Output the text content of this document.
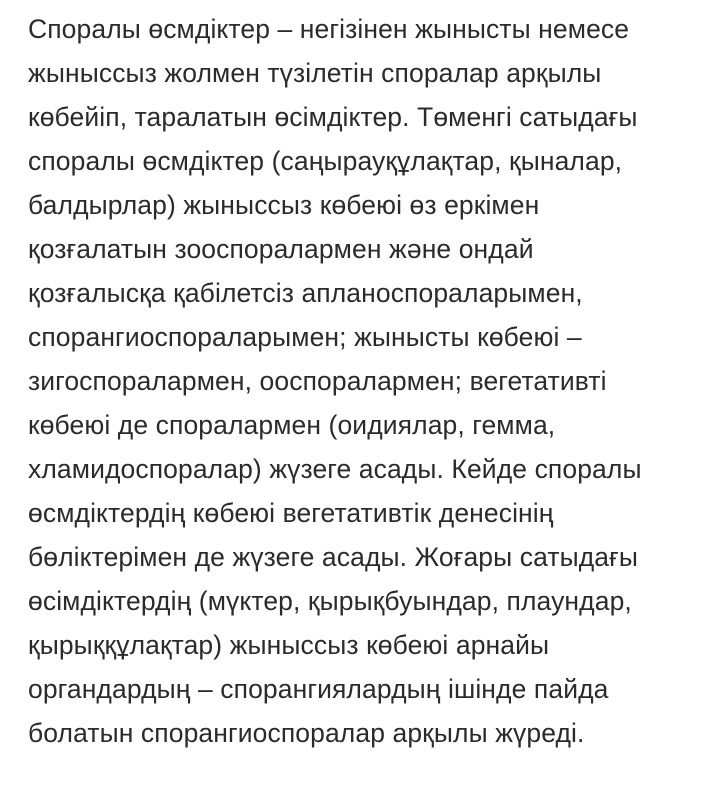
Споралы өсмдіктер – негізінен жынысты немесе
жыныссыз жолмен түзілетін споралар арқылы
көбейіп, таралатын өсімдіктер. Төменгі сатыдағы
споралы өсмдіктер (саңырауқұлақтар, қыналар,
балдырлар) жыныссыз көбеюі өз еркімен
қозғалатын зооспоралармен және ондай
қозғалысқа қабілетсіз апланоспораларымен,
спорангиоспораларымен; жынысты көбеюі –
зигоспоралармен, ооспоралармен; вегетативті
көбеюі де споралармен (оидиялар, гемма,
хламидоспоралар) жүзеге асады. Кейде споралы
өсмдіктердің көбеюі вегетативтік денесінің
бөліктерімен де жүзеге асады. Жоғары сатыдағы
өсімдіктердің (мүктер, қырықбуындар, плаундар,
қырыққұлақтар) жыныссыз көбеюі арнайы
органдардың – спорангиялардың ішінде пайда
болатын спорангиоспоралар арқылы жүреді.
